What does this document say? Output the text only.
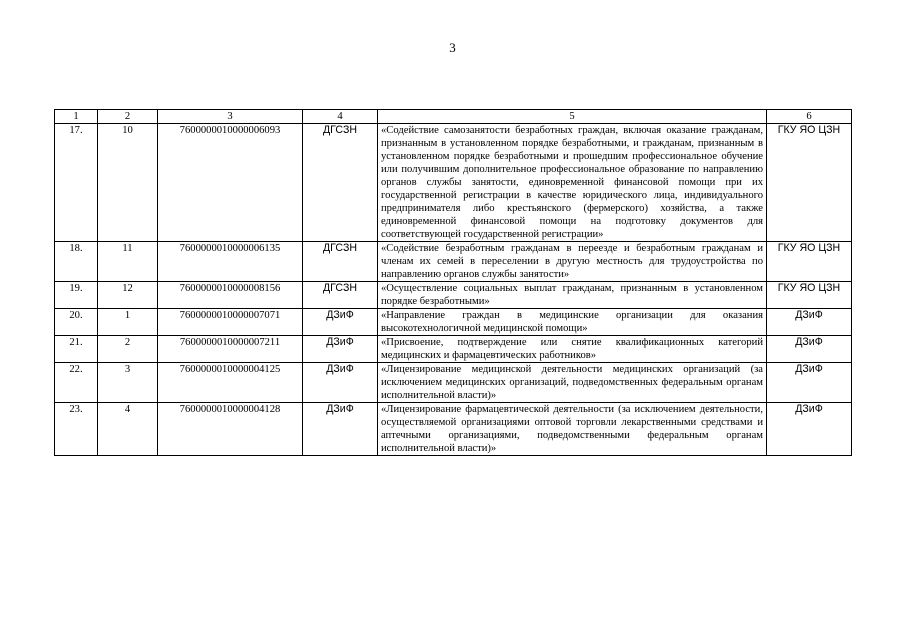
3
1	2	3	4	5	6
17.	10	7600000010000006093	ДГСЗН	«Содействие самозанятости безработных граждан, включая оказание гражданам, признанным в установленном порядке безработными, и гражданам, признанным в установленном порядке безработными и прошедшим профессиональное обучение или получившим дополнительное профессиональное образование по направлению органов службы занятости, единовременной финансовой помощи при их государственной регистрации в качестве юридического лица, индивидуального предпринимателя либо крестьянского (фермерского) хозяйства, а также единовременной финансовой помощи на подготовку документов для соответствующей государственной регистрации»	ГКУ ЯО ЦЗН
18.	11	7600000010000006135	ДГСЗН	«Содействие безработным гражданам в переезде и безработным гражданам и членам их семей в переселении в другую местность для трудоустройства по направлению органов службы занятости»	ГКУ ЯО ЦЗН
19.	12	7600000010000008156	ДГСЗН	«Осуществление социальных выплат гражданам, признанным в установленном порядке безработными»	ГКУ ЯО ЦЗН
20.	1	7600000010000007071	ДЗиФ	«Направление граждан в медицинские организации для оказания высокотехнологичной медицинской помощи»	ДЗиФ
21.	2	7600000010000007211	ДЗиФ	«Присвоение, подтверждение или снятие квалификационных категорий медицинских и фармацевтических работников»	ДЗиФ
22.	3	7600000010000004125	ДЗиФ	«Лицензирование медицинской деятельности медицинских организаций (за исключением медицинских организаций, подведомственных федеральным органам исполнительной власти)»	ДЗиФ
23.	4	7600000010000004128	ДЗиФ	«Лицензирование фармацевтической деятельности (за исключением деятельности, осуществляемой организациями оптовой торговли лекарственными средствами и аптечными организациями, подведомственными федеральным органам исполнительной власти)»	ДЗиФ
